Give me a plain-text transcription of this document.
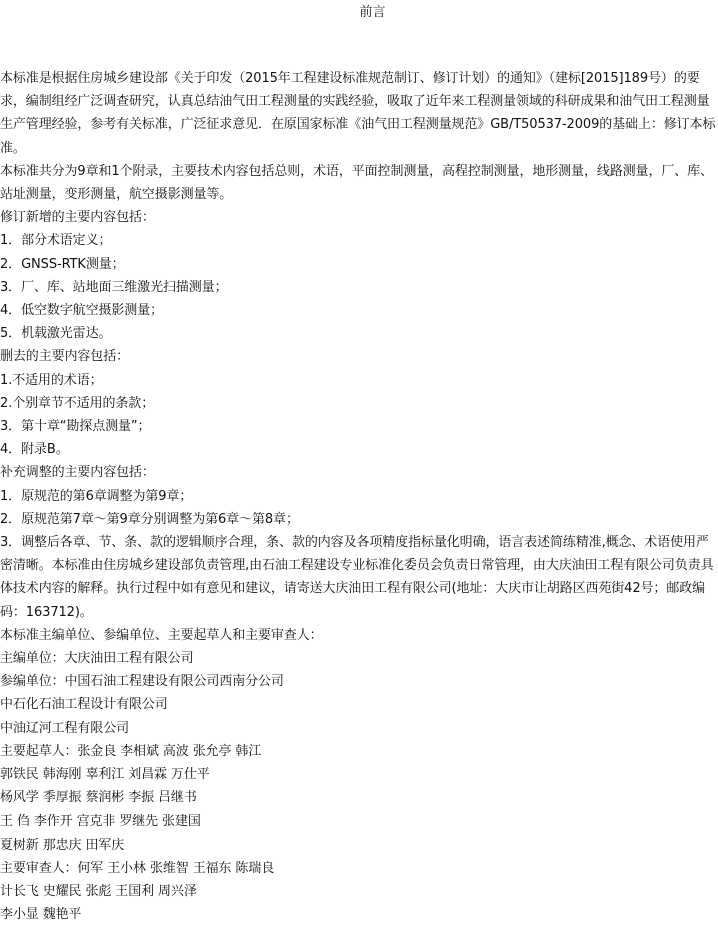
前言

本标准是根据住房城乡建设部《关于印发（2015年工程建设标准规范制订、修订计划）的通知》（建标[2015]189号）的要求，编制组经广泛调查研究，认真总结油气田工程测量的实践经验，吸取了近年来工程测量领域的科研成果和油气田工程测量生产管理经验，参考有关标准，广泛征求意见．在原国家标准《油气田工程测量规范》GB/T50537-2009的基础上：修订本标准。

本标准共分为9章和1个附录，主要技术内容包括总则，术语，平面控制测量，高程控制测量，地形测量，线路测量，厂、库、站址测量，变形测量，航空摄影测量等。

修订新增的主要内容包括：

1．部分术语定义；

2．GNSS-RTK测量；

3．厂、库、站地面三维激光扫描测量；

4．低空数字航空摄影测量；

5．机载激光雷达。

删去的主要内容包括：

1.不适用的术语；

2.个别章节不适用的条款；

3．第十章“勘探点测量”；

4．附录B。

补充调整的主要内容包括：

1．原规范的第6章调整为第9章；

2．原规范第7章～第9章分别调整为第6章～第8章；

3．调整后各章、节、条、款的逻辑顺序合理，条、款的内容及各项精度指标量化明确，语言表述简练精准,概念、术语使用严密清晰。本标准由住房城乡建设部负责管理,由石油工程建设专业标准化委员会负责日常管理，由大庆油田工程有限公司负责具体技术内容的解释。执行过程中如有意见和建议，请寄送大庆油田工程有限公司(地址：大庆市让胡路区西苑街42号；邮政编码：163712)。

本标准主编单位、参编单位、主要起草人和主要审查人：

主编单位：大庆油田工程有限公司

参编单位：中国石油工程建设有限公司西南分公司

中石化石油工程设计有限公司

中油辽河工程有限公司

主要起草人：张金良 李相斌 高波 张允亭 韩江

郭铁民 韩海刚 辜利江 刘昌霖 万仕平

杨风学 季厚振 蔡润彬 李振 吕继书

王 㑇 李作开 宫克非 罗继先 张建国

夏树新 那忠庆 田军庆

主要审查人：何军 王小林 张维智 王福东 陈瑞良

计长飞 史耀民 张彪 王国利 周兴泽

李小显 魏艳平
